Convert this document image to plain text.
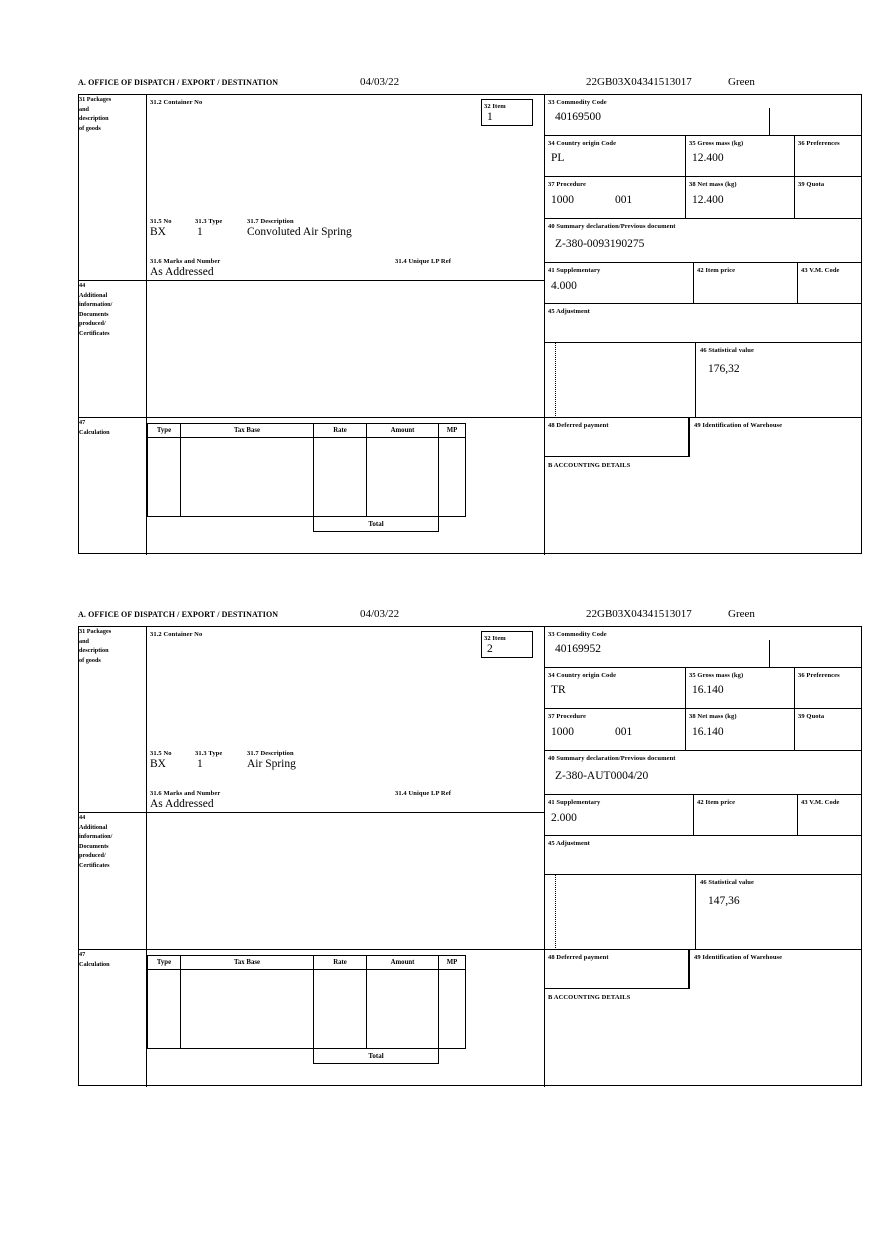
A. OFFICE OF DISPATCH / EXPORT / DESTINATION	04/03/22	22GB03X04341513017	Green
31 Packages
and
description
of goods
31.2 Container No
32 Item
1
31.5 No	31.3 Type	31.7 Description
BX	1	Convoluted Air Spring
31.6 Marks and Number	31.4 Unique LP Ref
As Addressed
33 Commodity Code
40169500
34 Country origin Code
PL
35 Gross mass (kg)
12.400
36 Preferences
37 Procedure
1000	001
38 Net mass (kg)
12.400
39 Quota
40 Summary declaration/Previous document
Z-380-0093190275
41 Supplementary
4.000
42 Item price	43 V.M. Code
44
Additional
information/
Documents
produced/
Certificates
45 Adjustment
46 Statistical value
176,32
47
Calculation	Type	Tax Base	Rate	Amount	MP

		Total		
48 Deferred payment	49 Identification of Warehouse
B ACCOUNTING DETAILS
A. OFFICE OF DISPATCH / EXPORT / DESTINATION	04/03/22	22GB03X04341513017	Green
31 Packages
and
description
of goods
31.2 Container No
32 Item
2
31.5 No	31.3 Type	31.7 Description
BX	1	Air Spring
31.6 Marks and Number	31.4 Unique LP Ref
As Addressed
33 Commodity Code
40169952
34 Country origin Code
TR
35 Gross mass (kg)
16.140
36 Preferences
37 Procedure
1000	001
38 Net mass (kg)
16.140
39 Quota
40 Summary declaration/Previous document
Z-380-AUT0004/20
41 Supplementary
2.000
42 Item price	43 V.M. Code
44
Additional
information/
Documents
produced/
Certificates
45 Adjustment
46 Statistical value
147,36
47
Calculation	Type	Tax Base	Rate	Amount	MP

		Total		
48 Deferred payment	49 Identification of Warehouse
B ACCOUNTING DETAILS
